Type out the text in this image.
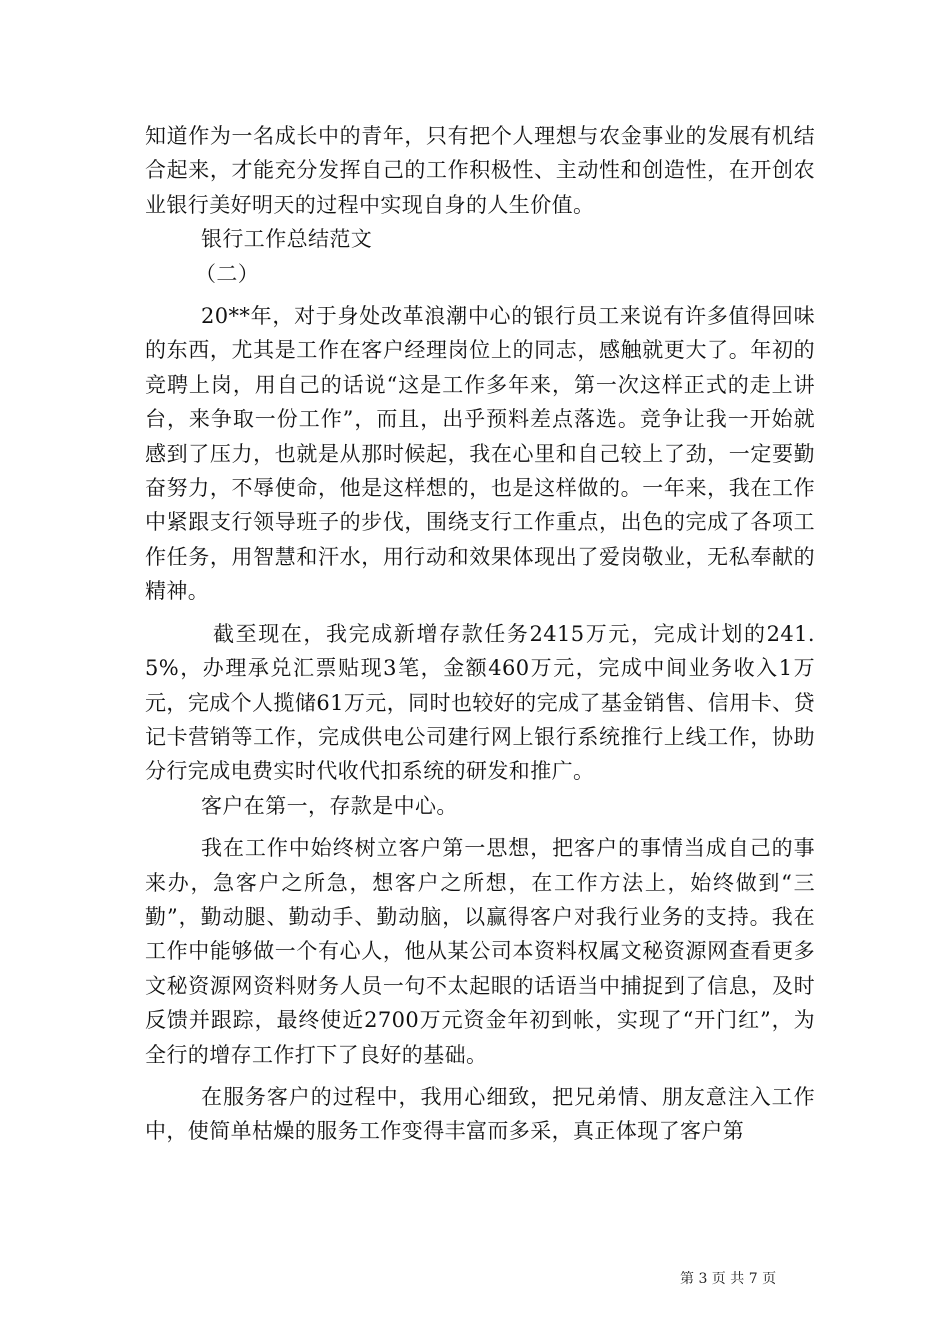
知道作为一名成长中的青年，只有把个人理想与农金事业的发展有机结合起来，才能充分发挥自己的工作积极性、主动性和创造性，在开创农业银行美好明天的过程中实现自身的人生价值。

银行工作总结范文

（二）

20**年，对于身处改革浪潮中心的银行员工来说有许多值得回味的东西，尤其是工作在客户经理岗位上的同志，感触就更大了。年初的竞聘上岗，用自己的话说“这是工作多年来，第一次这样正式的走上讲台，来争取一份工作”，而且，出乎预料差点落选。竞争让我一开始就感到了压力，也就是从那时候起，我在心里和自己较上了劲，一定要勤奋努力，不辱使命，他是这样想的，也是这样做的。一年来，我在工作中紧跟支行领导班子的步伐，围绕支行工作重点，出色的完成了各项工作任务，用智慧和汗水，用行动和效果体现出了爱岗敬业，无私奉献的精神。

截至现在，我完成新增存款任务2415万元，完成计划的241.5%，办理承兑汇票贴现3笔，金额460万元，完成中间业务收入1万元，完成个人揽储61万元，同时也较好的完成了基金销售、信用卡、贷记卡营销等工作，完成供电公司建行网上银行系统推行上线工作，协助分行完成电费实时代收代扣系统的研发和推广。

客户在第一，存款是中心。

我在工作中始终树立客户第一思想，把客户的事情当成自己的事来办，急客户之所急，想客户之所想，在工作方法上，始终做到“三勤”，勤动腿、勤动手、勤动脑，以赢得客户对我行业务的支持。我在工作中能够做一个有心人，他从某公司本资料权属文秘资源网查看更多文秘资源网资料财务人员一句不太起眼的话语当中捕捉到了信息，及时反馈并跟踪，最终使近2700万元资金年初到帐，实现了“开门红”，为全行的增存工作打下了良好的基础。

在服务客户的过程中，我用心细致，把兄弟情、朋友意注入工作中，使简单枯燥的服务工作变得丰富而多采，真正体现了客户第

第 3 页 共 7 页
